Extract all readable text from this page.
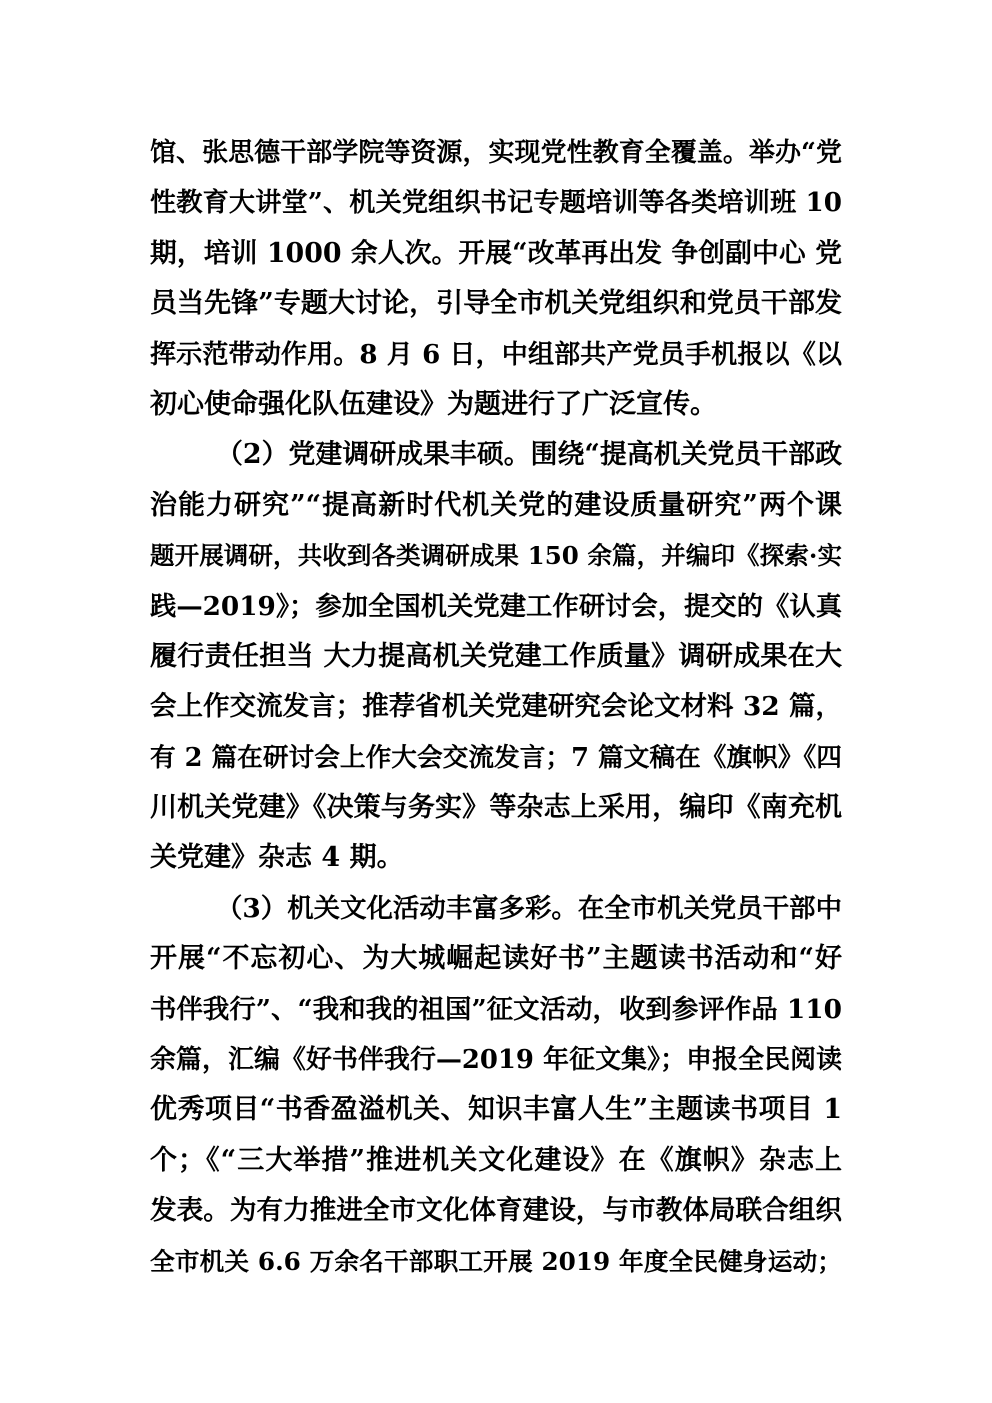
馆、张思德干部学院等资源，实现党性教育全覆盖。举办“党
性教育大讲堂”、机关党组织书记专题培训等各类培训班 10
期，培训 1000 余人次。开展“改革再出发 争创副中心 党
员当先锋”专题大讨论，引导全市机关党组织和党员干部发
挥示范带动作用。8 月 6 日，中组部共产党员手机报以《以
初心使命强化队伍建设》为题进行了广泛宣传。
（2）党建调研成果丰硕。围绕“提高机关党员干部政
治能力研究”“提高新时代机关党的建设质量研究”两个课
题开展调研，共收到各类调研成果 150 余篇，并编印《探索·实
践—2019》；参加全国机关党建工作研讨会，提交的《认真
履行责任担当 大力提高机关党建工作质量》调研成果在大
会上作交流发言；推荐省机关党建研究会论文材料 32 篇，
有 2 篇在研讨会上作大会交流发言；7 篇文稿在《旗帜》《四
川机关党建》《决策与务实》等杂志上采用，编印《南充机
关党建》杂志 4 期。
（3）机关文化活动丰富多彩。在全市机关党员干部中
开展“不忘初心、为大城崛起读好书”主题读书活动和“好
书伴我行”、“我和我的祖国”征文活动，收到参评作品 110
余篇，汇编《好书伴我行—2019 年征文集》；申报全民阅读
优秀项目“书香盈溢机关、知识丰富人生”主题读书项目 1
个；《“三大举措”推进机关文化建设》在《旗帜》杂志上
发表。为有力推进全市文化体育建设，与市教体局联合组织
全市机关 6.6 万余名干部职工开展 2019 年度全民健身运动；
